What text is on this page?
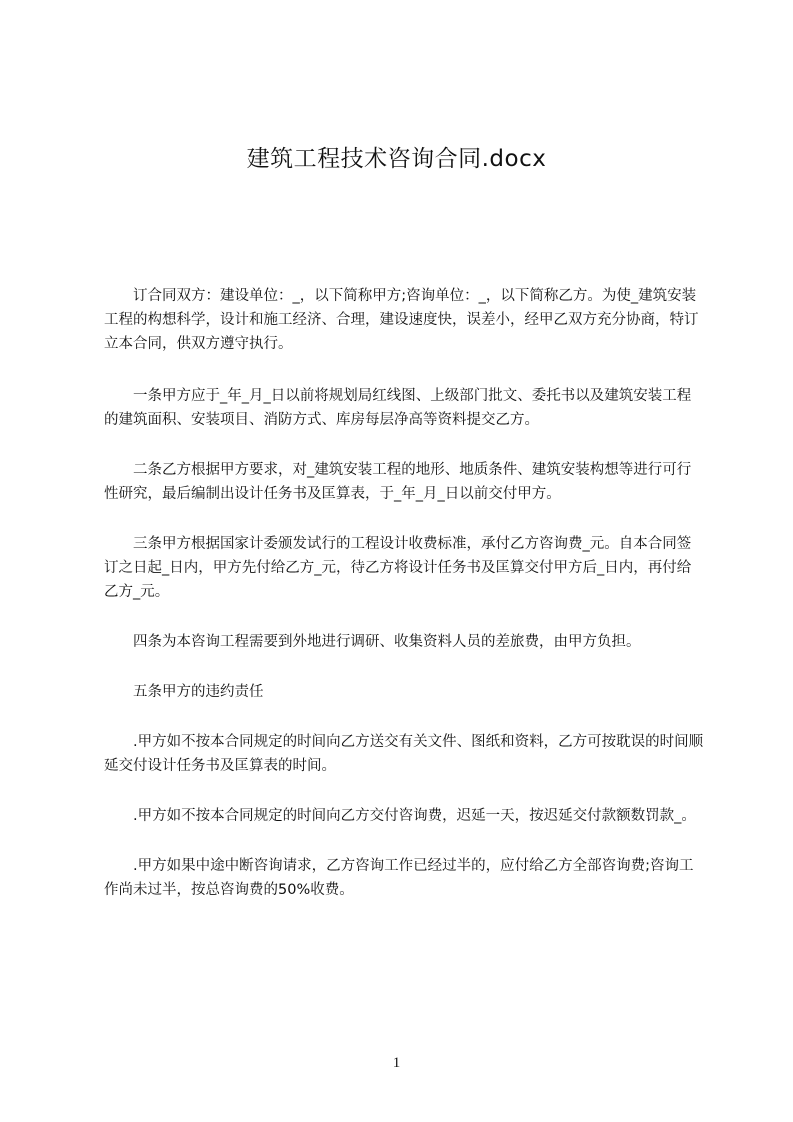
建筑工程技术咨询合同.docx

订合同双方：建设单位：_，以下简称甲方;咨询单位：_，以下简称乙方。为使_建筑安装工程的构想科学，设计和施工经济、合理，建设速度快，误差小，经甲乙双方充分协商，特订立本合同，供双方遵守执行。

一条甲方应于_年_月_日以前将规划局红线图、上级部门批文、委托书以及建筑安装工程的建筑面积、安装项目、消防方式、库房每层净高等资料提交乙方。

二条乙方根据甲方要求，对_建筑安装工程的地形、地质条件、建筑安装构想等进行可行性研究，最后编制出设计任务书及匡算表，于_年_月_日以前交付甲方。

三条甲方根据国家计委颁发试行的工程设计收费标准，承付乙方咨询费_元。自本合同签订之日起_日内，甲方先付给乙方_元，待乙方将设计任务书及匡算交付甲方后_日内，再付给乙方_元。

四条为本咨询工程需要到外地进行调研、收集资料人员的差旅费，由甲方负担。

五条甲方的违约责任

.甲方如不按本合同规定的时间向乙方送交有关文件、图纸和资料，乙方可按耽误的时间顺延交付设计任务书及匡算表的时间。

.甲方如不按本合同规定的时间向乙方交付咨询费，迟延一天，按迟延交付款额数罚款_。

.甲方如果中途中断咨询请求，乙方咨询工作已经过半的，应付给乙方全部咨询费;咨询工作尚未过半，按总咨询费的50%收费。

1
